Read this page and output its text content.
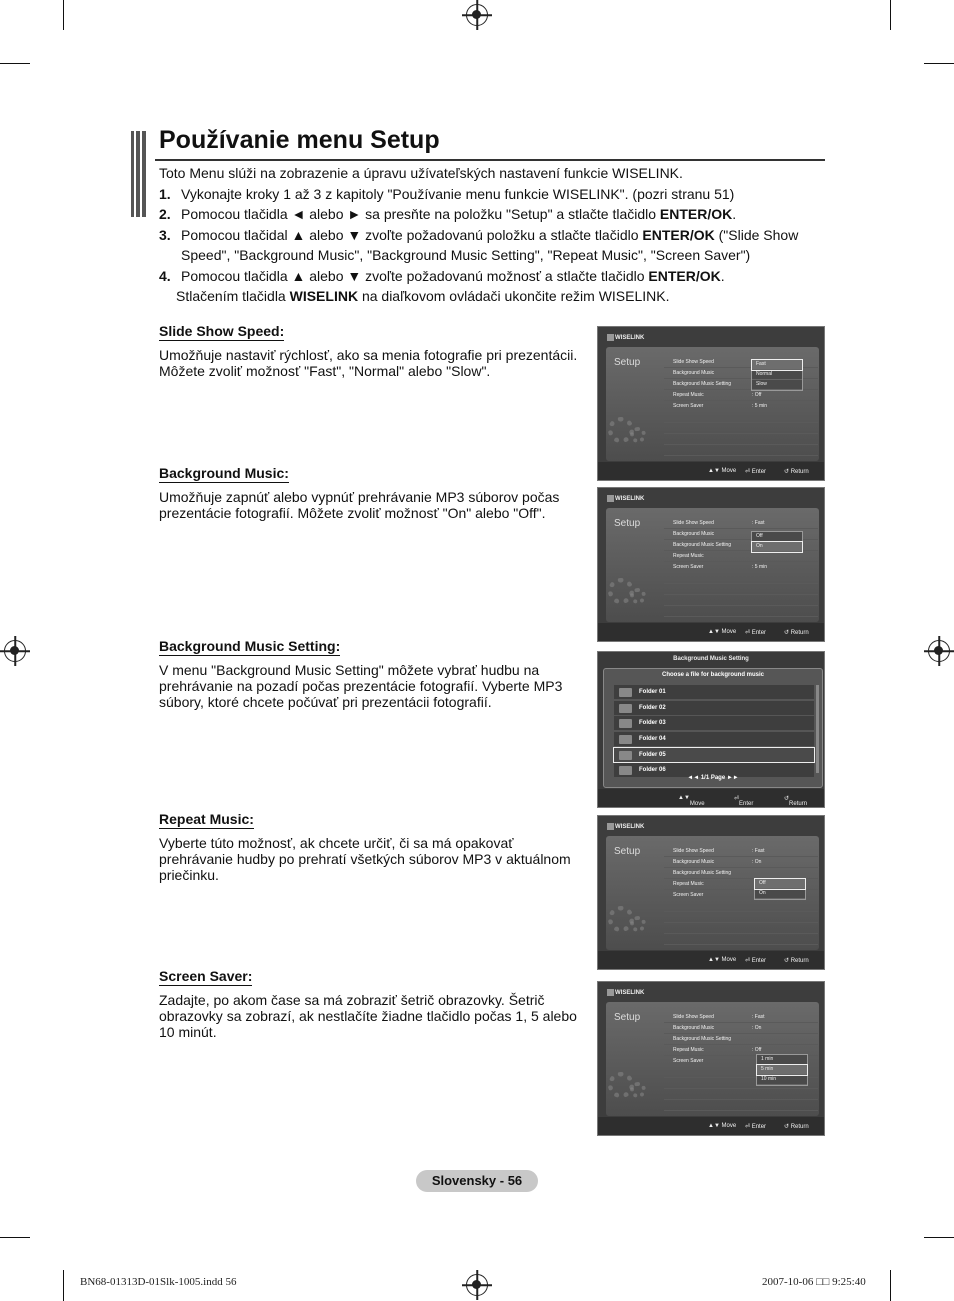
Používanie menu Setup
Toto Menu slúži na zobrazenie a úpravu užívateľských nastavení funkcie WISELINK.
1. Vykonajte kroky 1 až 3 z kapitoly "Používanie menu funkcie WISELINK". (pozri stranu 51)
2. Pomocou tlačidla ◄ alebo ► sa presňte na položku "Setup" a stlačte tlačidlo ENTER/OK.
3. Pomocou tlačidal ▲ alebo ▼ zvoľte požadovanú položku a stlačte tlačidlo ENTER/OK ("Slide Show Speed", "Background Music", "Background Music Setting", "Repeat Music", "Screen Saver")
4. Pomocou tlačidla ▲ alebo ▼ zvoľte požadovanú možnosť a stlačte tlačidlo ENTER/OK.
Stlačením tlačidla WISELINK na diaľkovom ovládači ukončite režim WISELINK.
Slide Show Speed:

Umožňuje nastaviť rýchlosť, ako sa menia fotografie pri prezentácii. Môžete zvoliť možnosť "Fast", "Normal" alebo "Slow".

Background Music:

Umožňuje zapnúť alebo vypnúť prehrávanie MP3 súborov počas prezentácie fotografií. Môžete zvoliť možnosť "On" alebo "Off".

Background Music Setting:

V menu "Background Music Setting" môžete vybrať hudbu na prehrávanie na pozadí počas prezentácie fotografií. Vyberte MP3 súbory, ktoré chcete počúvať pri prezentácii fotografií.

Repeat Music:

Vyberte túto možnosť, ak chcete určiť, či sa má opakovať prehrávanie hudby po prehratí všetkých súborov MP3 v aktuálnom priečinku.

Screen Saver:

Zadajte, po akom čase sa má zobraziť šetrič obrazovky. Šetrič obrazovky sa zobrazí, ak nestlačíte žiadne tlačidlo počas 1, 5 alebo 10 minút.

WISELINK
Setup	Slide Show Speed
Background Music
Background Music Setting
Repeat Music	: Off
Screen Saver	: 5 min
Fast
Normal
Slow
▲▼ Move ⏎ Enter	↺ Return
WISELINK
Setup	Slide Show Speed	: Fast
Background Music
Background Music Setting
Repeat Music
Screen Saver	: 5 min
Off
On
▲▼ Move ⏎ Enter	↺ Return
WISELINK
Setup	Slide Show Speed	: Fast
Background Music	: On
Background Music Setting
Repeat Music
Screen Saver
Off
On
▲▼ Move ⏎ Enter	↺ Return
WISELINK
Setup	Slide Show Speed	: Fast
Background Music	: On
Background Music Setting
Repeat Music	: Off
Screen Saver	1 min
5 min
10 min
▲▼ Move ⏎ Enter	↺ Return
Background Music Setting
Choose a file for background music
Folder 01
Folder 02
Folder 03
Folder 04
Folder 05
Folder 06
◄◄ 1/1 Page ►►
▲▼
Move
⏎
Enter
↺
Return
Slovensky - 56
BN68-01313D-01Slk-1005.indd 56	2007-10-06 □□ 9:25:40
